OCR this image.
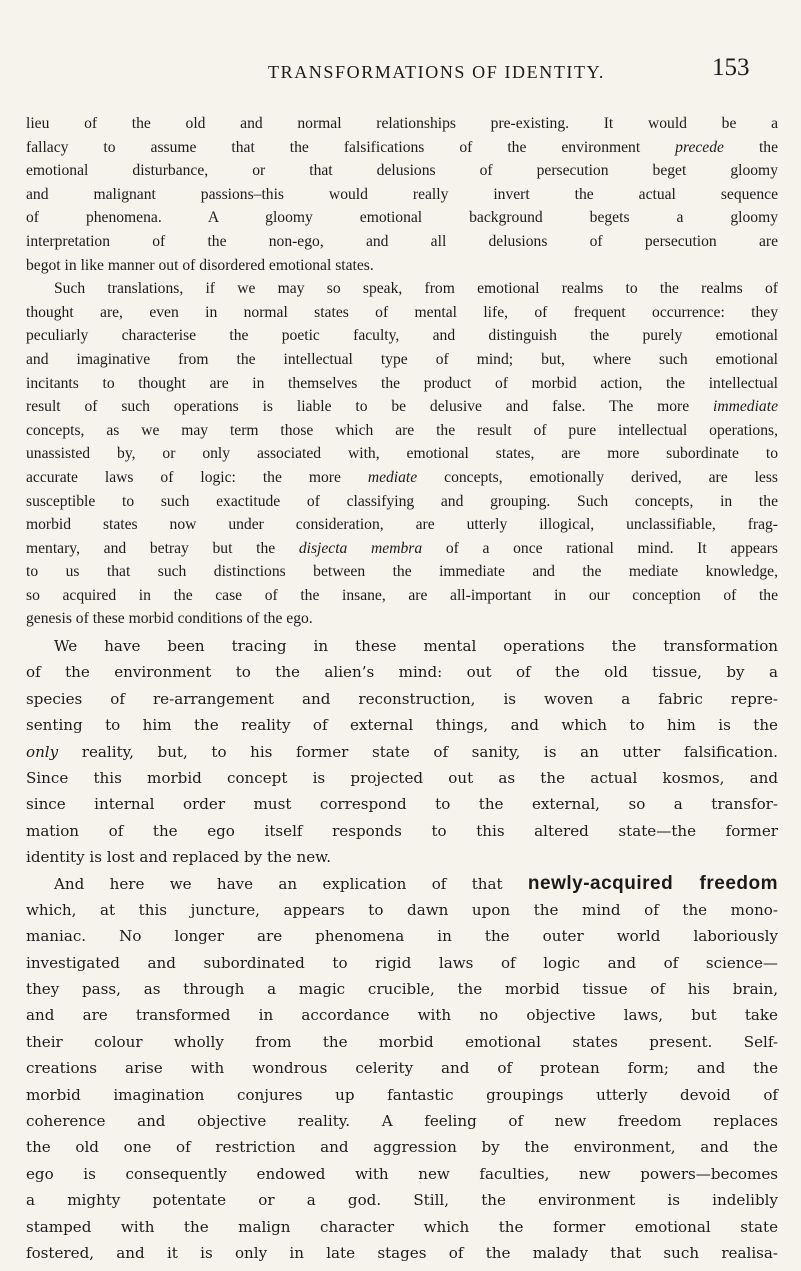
TRANSFORMATIONS OF IDENTITY.	153
lieu of the old and normal relationships pre-existing. It would be a
fallacy to assume that the falsifications of the environment precede the
emotional disturbance, or that delusions of persecution beget gloomy
and malignant passions–this would really invert the actual sequence
of phenomena. A gloomy emotional background begets a gloomy
interpretation of the non-ego, and all delusions of persecution are
begot in like manner out of disordered emotional states.
Such translations, if we may so speak, from emotional realms to the realms of
thought are, even in normal states of mental life, of frequent occurrence: they
peculiarly characterise the poetic faculty, and distinguish the purely emotional
and imaginative from the intellectual type of mind; but, where such emotional
incitants to thought are in themselves the product of morbid action, the intellectual
result of such operations is liable to be delusive and false. The more immediate
concepts, as we may term those which are the result of pure intellectual operations,
unassisted by, or only associated with, emotional states, are more subordinate to
accurate laws of logic: the more mediate concepts, emotionally derived, are less
susceptible to such exactitude of classifying and grouping. Such concepts, in the
morbid states now under consideration, are utterly illogical, unclassifiable, frag-
mentary, and betray but the disjecta membra of a once rational mind. It appears
to us that such distinctions between the immediate and the mediate knowledge,
so acquired in the case of the insane, are all-important in our conception of the
genesis of these morbid conditions of the ego.
We have been tracing in these mental operations the transformation
of the environment to the alien’s mind: out of the old tissue, by a
species of re-arrangement and reconstruction, is woven a fabric repre-
senting to him the reality of external things, and which to him is the
only reality, but, to his former state of sanity, is an utter falsification.
Since this morbid concept is projected out as the actual kosmos, and
since internal order must correspond to the external, so a transfor-
mation of the ego itself responds to this altered state—the former
identity is lost and replaced by the new.
And here we have an explication of that newly-acquired freedom
which, at this juncture, appears to dawn upon the mind of the mono-
maniac. No longer are phenomena in the outer world laboriously
investigated and subordinated to rigid laws of logic and of science—
they pass, as through a magic crucible, the morbid tissue of his brain,
and are transformed in accordance with no objective laws, but take
their colour wholly from the morbid emotional states present. Self-
creations arise with wondrous celerity and of protean form; and the
morbid imagination conjures up fantastic groupings utterly devoid of
coherence and objective reality. A feeling of new freedom replaces
the old one of restriction and aggression by the environment, and the
ego is consequently endowed with new faculties, new powers—becomes
a mighty potentate or a god. Still, the environment is indelibly
stamped with the malign character which the former emotional state
fostered, and it is only in late stages of the malady that such realisa-
